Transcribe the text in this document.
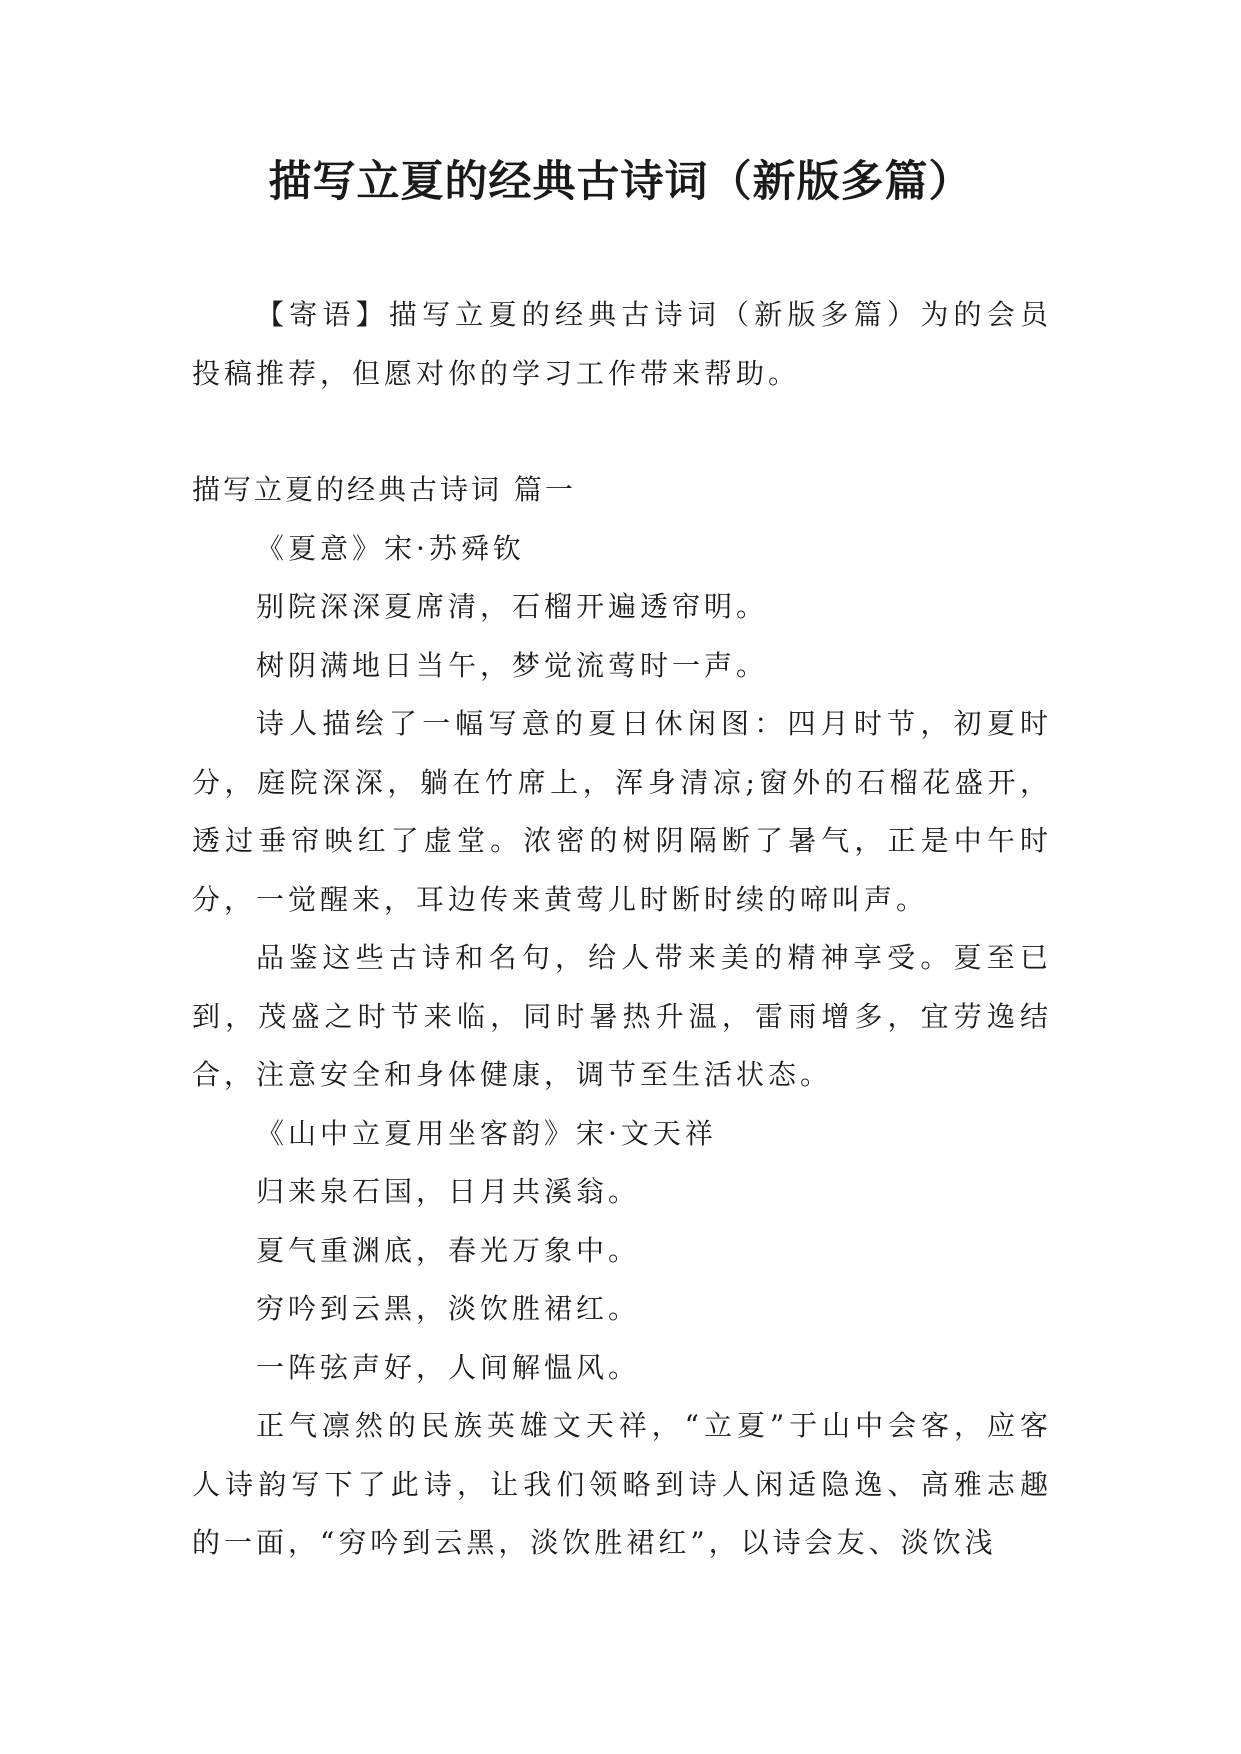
描写立夏的经典古诗词（新版多篇）

【寄语】描写立夏的经典古诗词（新版多篇）为的会员投稿推荐，但愿对你的学习工作带来帮助。

描写立夏的经典古诗词 篇一

《夏意》宋·苏舜钦

别院深深夏席清，石榴开遍透帘明。

树阴满地日当午，梦觉流莺时一声。

诗人描绘了一幅写意的夏日休闲图：四月时节，初夏时分，庭院深深，躺在竹席上，浑身清凉;窗外的石榴花盛开，透过垂帘映红了虚堂。浓密的树阴隔断了暑气，正是中午时分，一觉醒来，耳边传来黄莺儿时断时续的啼叫声。

品鉴这些古诗和名句，给人带来美的精神享受。夏至已到，茂盛之时节来临，同时暑热升温，雷雨增多，宜劳逸结合，注意安全和身体健康，调节至生活状态。

《山中立夏用坐客韵》宋·文天祥

归来泉石国，日月共溪翁。

夏气重渊底，春光万象中。

穷吟到云黑，淡饮胜裙红。

一阵弦声好，人间解愠风。

正气凛然的民族英雄文天祥，“立夏”于山中会客，应客人诗韵写下了此诗，让我们领略到诗人闲适隐逸、高雅志趣的一面，“穷吟到云黑，淡饮胜裙红”，以诗会友、淡饮浅
